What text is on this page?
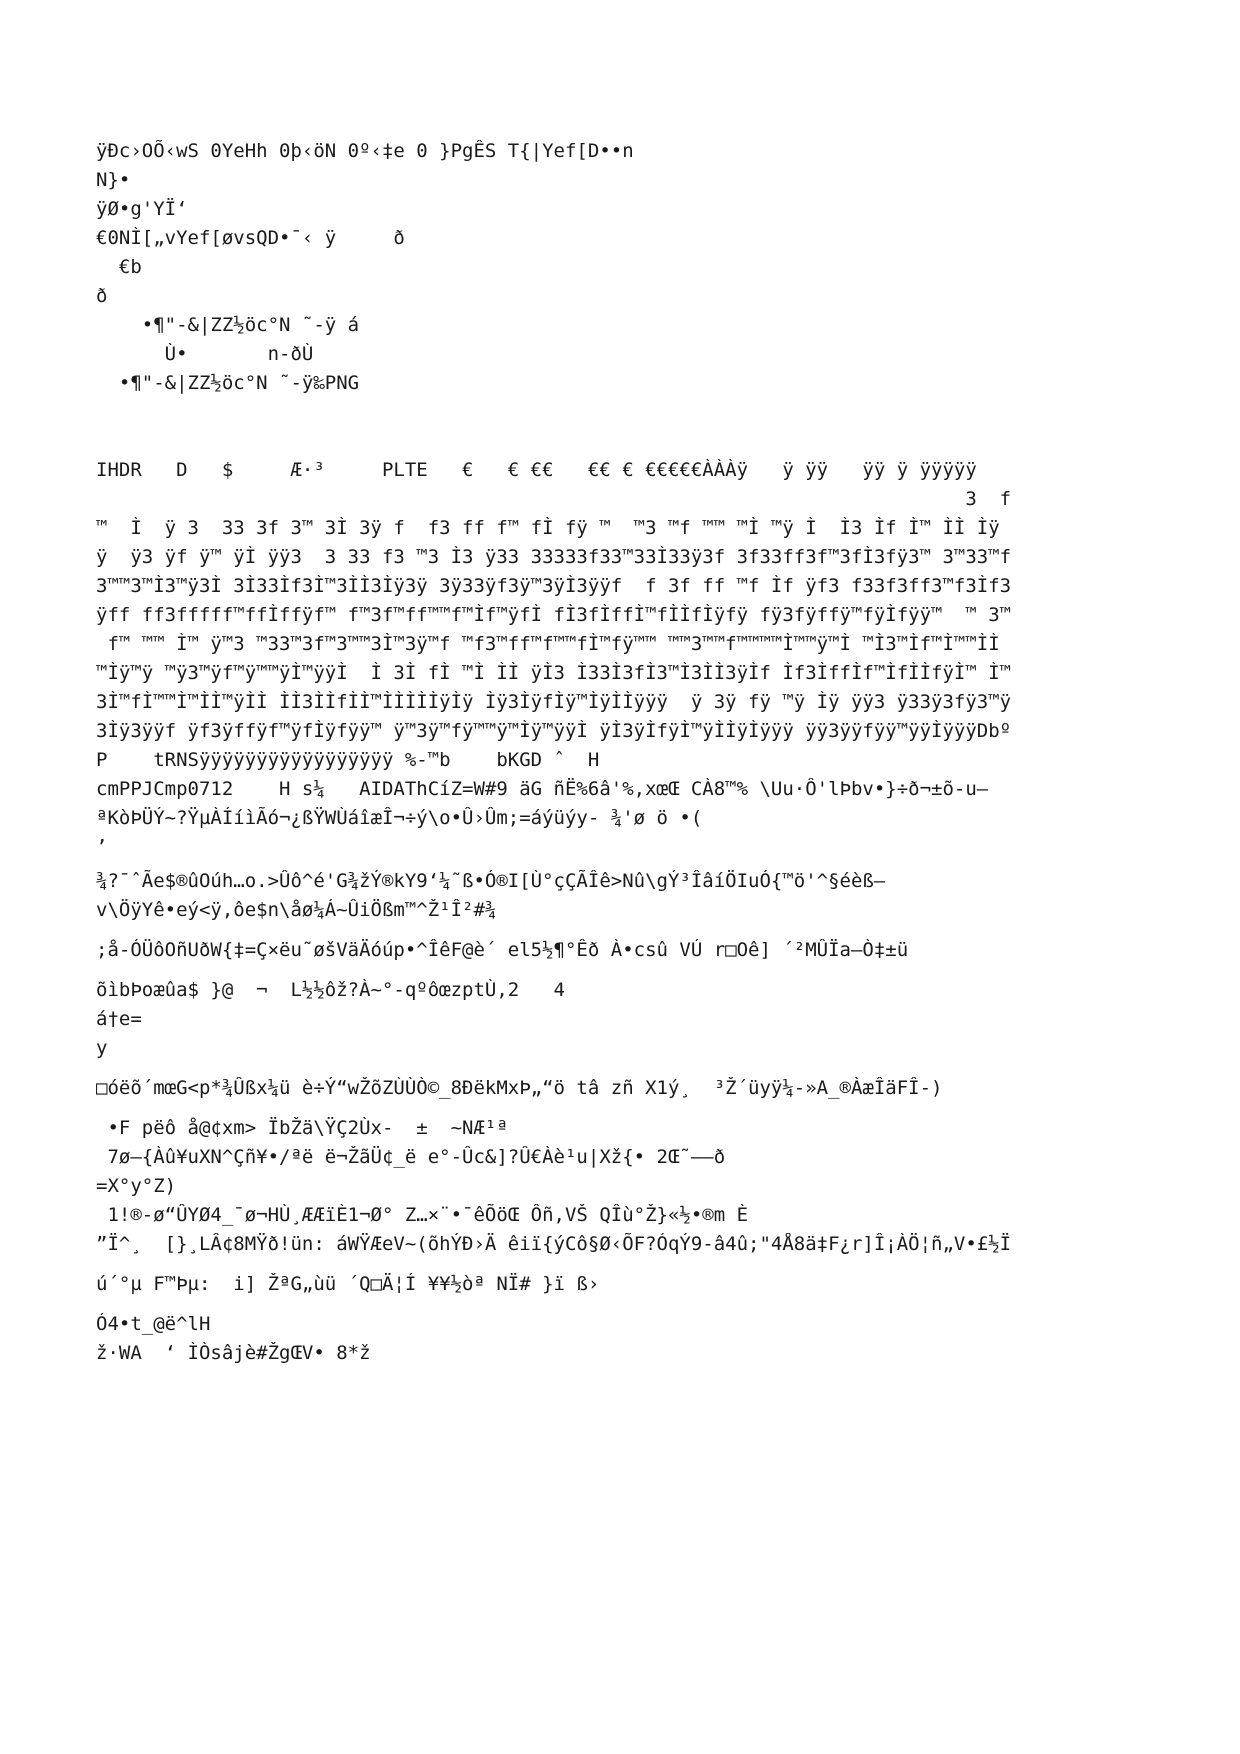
ÿÐc›OÕ‹wS 0YeHh 0þ‹öN 0º‹‡e 0 }PgÊS T{|Yef[D••n
N}•
ÿØ•g'YÏ‘
€0NÌ[„vYef[øvsQD•¯‹ ÿ     ð
€b
ð
•¶"-&|ZZ½öc°N ˜-ÿ á
Ù•       n-ðÙ
•¶"-&|ZZ½öc°N ˜-ÿ‰PNG
IHDR   D   $     Æ·³     PLTE   €   € €€   €€ € €€€€€ÀÀÀÿ   ÿ ÿÿ   ÿÿ ÿ ÿÿÿÿÿ
3  f
™  Ì  ÿ 3  33 3f 3™ 3Ì 3ÿ f  f3 ff f™ fÌ fÿ ™  ™3 ™f ™™ ™Ì ™ÿ Ì  Ì3 Ìf Ì™ ÌÌ Ìÿ
ÿ  ÿ3 ÿf ÿ™ ÿÌ ÿÿ3  3 33 f3 ™3 Ì3 ÿ33 33333f33™33Ì33ÿ3f 3f33ff3f™3fÌ3fÿ3™ 3™33™f
3™™3™Ì3™ÿ3Ì 3Ì33Ìf3Ì™3ÌÌ3Ìÿ3ÿ 3ÿ33ÿf3ÿ™3ÿÌ3ÿÿf  f 3f ff ™f Ìf ÿf3 f33f3ff3™f3Ìf3
ÿff ff3fffff™ffÌffÿf™ f™3f™ff™™f™Ìf™ÿfÌ fÌ3fÌffÌ™fÌÌfÌÿfÿ fÿ3fÿffÿ™fÿÌfÿÿ™  ™ 3™
f™ ™™ Ì™ ÿ™3 ™33™3f™3™™3Ì™3ÿ™f ™f3™ff™f™™fÌ™fÿ™™ ™™3™™f™™™™Ì™™ÿ™Ì ™Ì3™Ìf™Ì™™ÌÌ
™Ìÿ™ÿ ™ÿ3™ÿf™ÿ™™ÿÌ™ÿÿÌ  Ì 3Ì fÌ ™Ì ÌÌ ÿÌ3 Ì33Ì3fÌ3™Ì3ÌÌ3ÿÌf Ìf3ÌffÌf™ÌfÌÌfÿÌ™ Ì™
3Ì™fÌ™™Ì™ÌÌ™ÿÌÌ ÌÌ3ÌÌfÌÌ™ÌÌÌÌÌÿÌÿ Ìÿ3ÌÿfÌÿ™ÌÿÌÌÿÿÿ  ÿ 3ÿ fÿ ™ÿ Ìÿ ÿÿ3 ÿ33ÿ3fÿ3™ÿ
3Ìÿ3ÿÿf ÿf3ÿffÿf™ÿfÌÿfÿÿ™ ÿ™3ÿ™fÿ™™ÿ™Ìÿ™ÿÿÌ ÿÌ3ÿÌfÿÌ™ÿÌÌÿÌÿÿÿ ÿÿ3ÿÿfÿÿ™ÿÿÌÿÿÿDbº
P    tRNSÿÿÿÿÿÿÿÿÿÿÿÿÿÿÿÿÿ %-™b    bKGD ˆ  H
cmPPJCmp0712    H s¼   AIDAThCíZ=W#9 äG ñË%6â'%,xœŒ CÀ8™% \Uu·Ô'lÞbv•}÷ð¬±õ-u—
ªKòÞÜÝ~?ŸµÀÍíìÃó¬¿ßŸWÙáîæÎ¬÷ý\o•Û›Ûm;=áýüýy- ¾'ø ö •(
’
¾?¯ˆÃe$®ûOúh…o.>Ûô^é'G¾žÝ®kY9‘¼˜ß•Ó®I[Ù°çÇÃÎê>Nû\gÝ³ÎâíÖIuÓ{™ö'^§éèß—
v\ÖÿYê•eý<ÿ,ôe$n\åø¼Á~ÛiÖßm™^Ž¹Î²#¾
;å-ÓÜôOñUðW{‡=Ç×ëu˜øšVäÄóúp•^ÎêF@è´ el5½¶°Êð À•csû VÚ r□Oê] ´²MÛÏa—Ò‡±ü
õìbÞoæûa$ }@  ¬  L½½ôž?À~°-qºôœzptÙ,2   4
á†e=
y
□óëõ´mœG<p*¾Ûßx¼ü è÷Ý“wŽõZÙÙÒ©_8ÐëkMxÞ„“ö tâ zñ X1ý¸  ³Ž´üyÿ¼-»A_®ÀæÎäFÎ-)
•F pëô å@¢xm> ÏbŽä\ŸÇ2Ùx-  ±  ~NÆ¹ª
7ø—{Àû¥uXN^Çñ¥•/ªë ë¬ŽãÜ¢_ë e°-Ûc&]?Û€Àè¹u|Xž{• 2Œ˜——ð
=X°y°Z)
1!®-ø“ÛYØ4_¯ø¬HÙ¸ÆÆïÈ1¬Ø° Z…×¨•¯êÕöŒ Ôñ,VŠ QÎù°Ž}«½•®m È
”Ï^¸  [}¸LÂ¢8MŸð!ün: áWŸÆeV~(õhÝÐ›Ä êiï{ýCô§Ø‹ÕF?ÓqÝ9-â4û;"4Å8ä‡F¿r]Î¡ÀÖ¦ñ„V•£½Ï
ú´°µ F™Þµ:  i] ŽªG„ùü ´Q□Ä¦Í ¥¥½òª NÏ# }ï ß›
Ó4•t_@ë^lH
ž·WA  ‘ ÌÒsâjè#ŽgŒV• 8*ž
